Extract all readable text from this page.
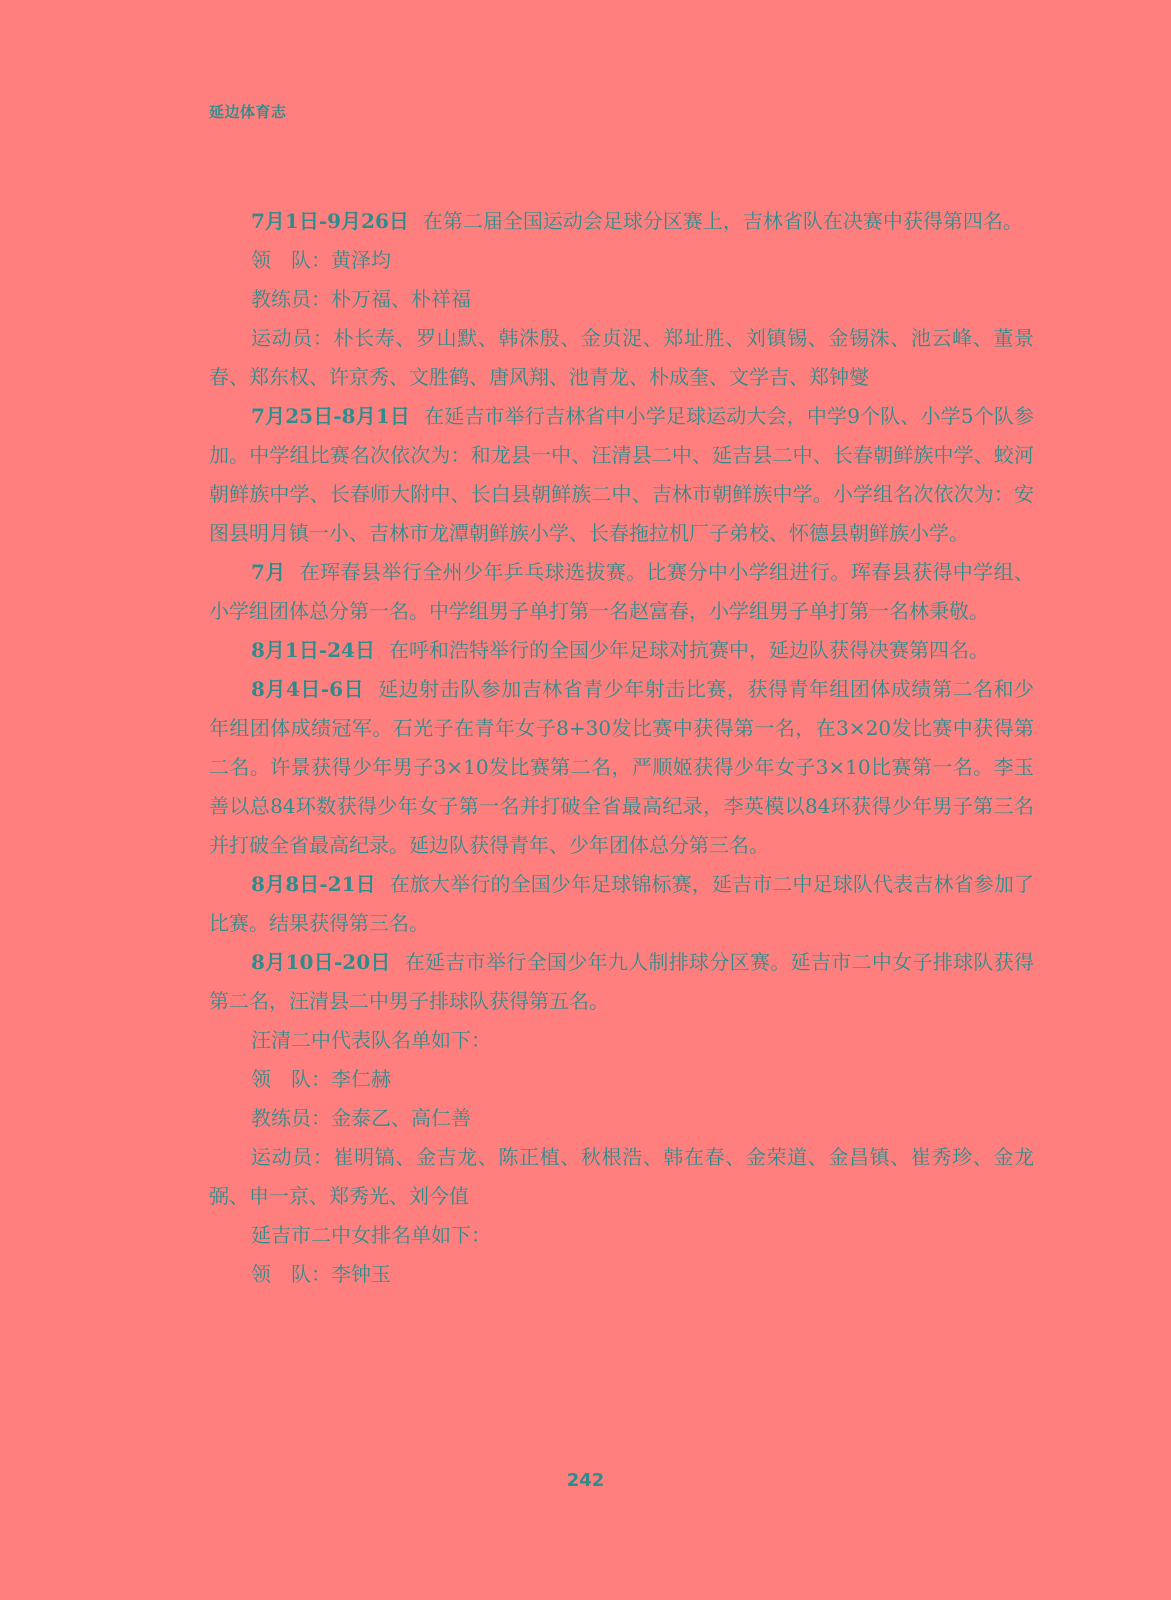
延边体育志

7月1日-9月26日 在第二届全国运动会足球分区赛上，吉林省队在决赛中获得第四名。

领　队：黄泽均

教练员：朴万福、朴祥福

运动员：朴长寿、罗山默、韩洙殷、金贞浞、郑址胜、刘镇锡、金锡洙、池云峰、董景春、郑东权、许京秀、文胜鹤、唐风翔、池青龙、朴成奎、文学吉、郑钟燮

7月25日-8月1日 在延吉市举行吉林省中小学足球运动大会，中学9个队、小学5个队参加。中学组比赛名次依次为：和龙县一中、汪清县二中、延吉县二中、长春朝鲜族中学、蛟河朝鲜族中学、长春师大附中、长白县朝鲜族二中、吉林市朝鲜族中学。小学组名次依次为：安图县明月镇一小、吉林市龙潭朝鲜族小学、长春拖拉机厂子弟校、怀德县朝鲜族小学。

7月 在珲春县举行全州少年乒乓球选拔赛。比赛分中小学组进行。珲春县获得中学组、小学组团体总分第一名。中学组男子单打第一名赵富春，小学组男子单打第一名林秉敬。

8月1日-24日 在呼和浩特举行的全国少年足球对抗赛中，延边队获得决赛第四名。

8月4日-6日 延边射击队参加吉林省青少年射击比赛，获得青年组团体成绩第二名和少年组团体成绩冠军。石光子在青年女子8+30发比赛中获得第一名，在3×20发比赛中获得第二名。许景获得少年男子3×10发比赛第二名，严顺姬获得少年女子3×10比赛第一名。李玉善以总84环数获得少年女子第一名并打破全省最高纪录，李英模以84环获得少年男子第三名并打破全省最高纪录。延边队获得青年、少年团体总分第三名。

8月8日-21日 在旅大举行的全国少年足球锦标赛，延吉市二中足球队代表吉林省参加了比赛。结果获得第三名。

8月10日-20日 在延吉市举行全国少年九人制排球分区赛。延吉市二中女子排球队获得第二名，汪清县二中男子排球队获得第五名。

汪清二中代表队名单如下：

领　队：李仁赫

教练员：金泰乙、高仁善

运动员：崔明镐、金吉龙、陈正植、秋根浩、韩在春、金荣道、金昌镇、崔秀珍、金龙弼、申一京、郑秀光、刘今值

延吉市二中女排名单如下：

领　队：李钟玉

242
